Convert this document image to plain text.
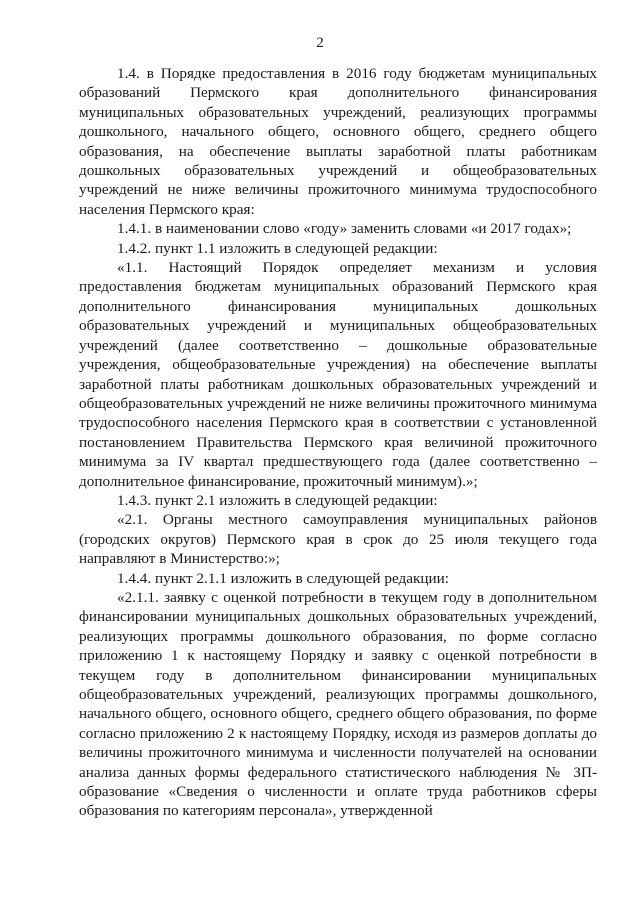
2

1.4. в Порядке предоставления в 2016 году бюджетам муниципальных образований Пермского края дополнительного финансирования муниципальных образовательных учреждений, реализующих программы дошкольного, начального общего, основного общего, среднего общего образования, на обеспечение выплаты заработной платы работникам дошкольных образовательных учреждений и общеобразовательных учреждений не ниже величины прожиточного минимума трудоспособного населения Пермского края:

1.4.1. в наименовании слово «году» заменить словами «и 2017 годах»;

1.4.2. пункт 1.1 изложить в следующей редакции:

«1.1. Настоящий Порядок определяет механизм и условия предоставления бюджетам муниципальных образований Пермского края дополнительного финансирования муниципальных дошкольных образовательных учреждений и муниципальных общеобразовательных учреждений (далее соответственно – дошкольные образовательные учреждения, общеобразовательные учреждения) на обеспечение выплаты заработной платы работникам дошкольных образовательных учреждений и общеобразовательных учреждений не ниже величины прожиточного минимума трудоспособного населения Пермского края в соответствии с установленной постановлением Правительства Пермского края величиной прожиточного минимума за IV квартал предшествующего года (далее соответственно – дополнительное финансирование, прожиточный минимум).»;

1.4.3. пункт 2.1 изложить в следующей редакции:

«2.1. Органы местного самоуправления муниципальных районов (городских округов) Пермского края в срок до 25 июля текущего года направляют в Министерство:»;

1.4.4. пункт 2.1.1 изложить в следующей редакции:

«2.1.1. заявку с оценкой потребности в текущем году в дополнительном финансировании муниципальных дошкольных образовательных учреждений, реализующих программы дошкольного образования, по форме согласно приложению 1 к настоящему Порядку и заявку с оценкой потребности в текущем году в дополнительном финансировании муниципальных общеобразовательных учреждений, реализующих программы дошкольного, начального общего, основного общего, среднего общего образования, по форме согласно приложению 2 к настоящему Порядку, исходя из размеров доплаты до величины прожиточного минимума и численности получателей на основании анализа данных формы федерального статистического наблюдения № ЗП-образование «Сведения о численности и оплате труда работников сферы образования по категориям персонала», утвержденной
